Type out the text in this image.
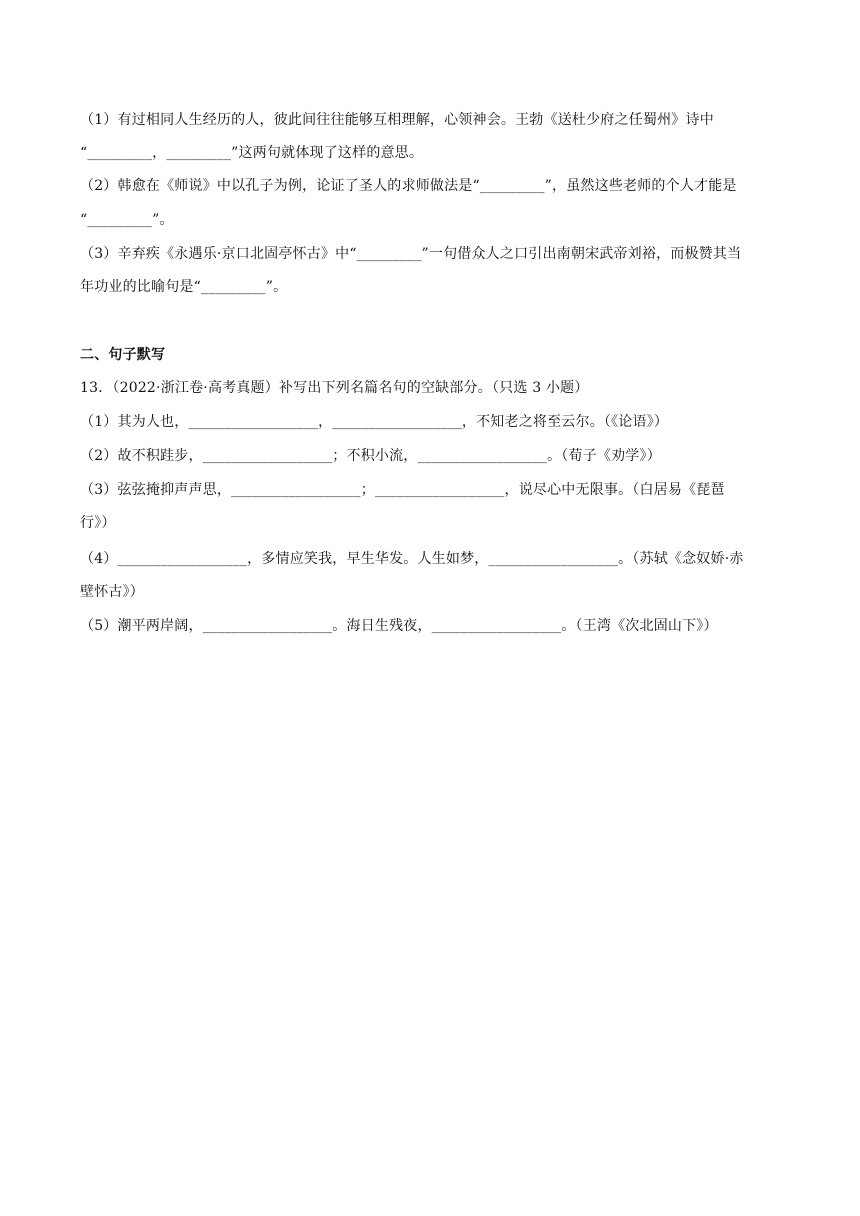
（1）有过相同人生经历的人，彼此间往往能够互相理解，心领神会。王勃《送杜少府之任蜀州》诗中
“_________，_________”这两句就体现了这样的意思。
（2）韩愈在《师说》中以孔子为例，论证了圣人的求师做法是“_________”，虽然这些老师的个人才能是
“_________”。
（3）辛弃疾《永遇乐·京口北固亭怀古》中“_________”一句借众人之口引出南朝宋武帝刘裕，而极赞其当
年功业的比喻句是“_________”。
二、句子默写
13．（2022·浙江卷·高考真题）补写出下列名篇名句的空缺部分。（只选 3 小题）
（1）其为人也，__________________，__________________，不知老之将至云尔。（《论语》）
（2）故不积跬步，__________________；不积小流，__________________。（荀子《劝学》）
（3）弦弦掩抑声声思，__________________；__________________，说尽心中无限事。（白居易《琵琶
行》）
（4）__________________，多情应笑我，早生华发。人生如梦，__________________。（苏轼《念奴娇·赤
壁怀古》）
（5）潮平两岸阔，__________________。海日生残夜，__________________。（王湾《次北固山下》）
